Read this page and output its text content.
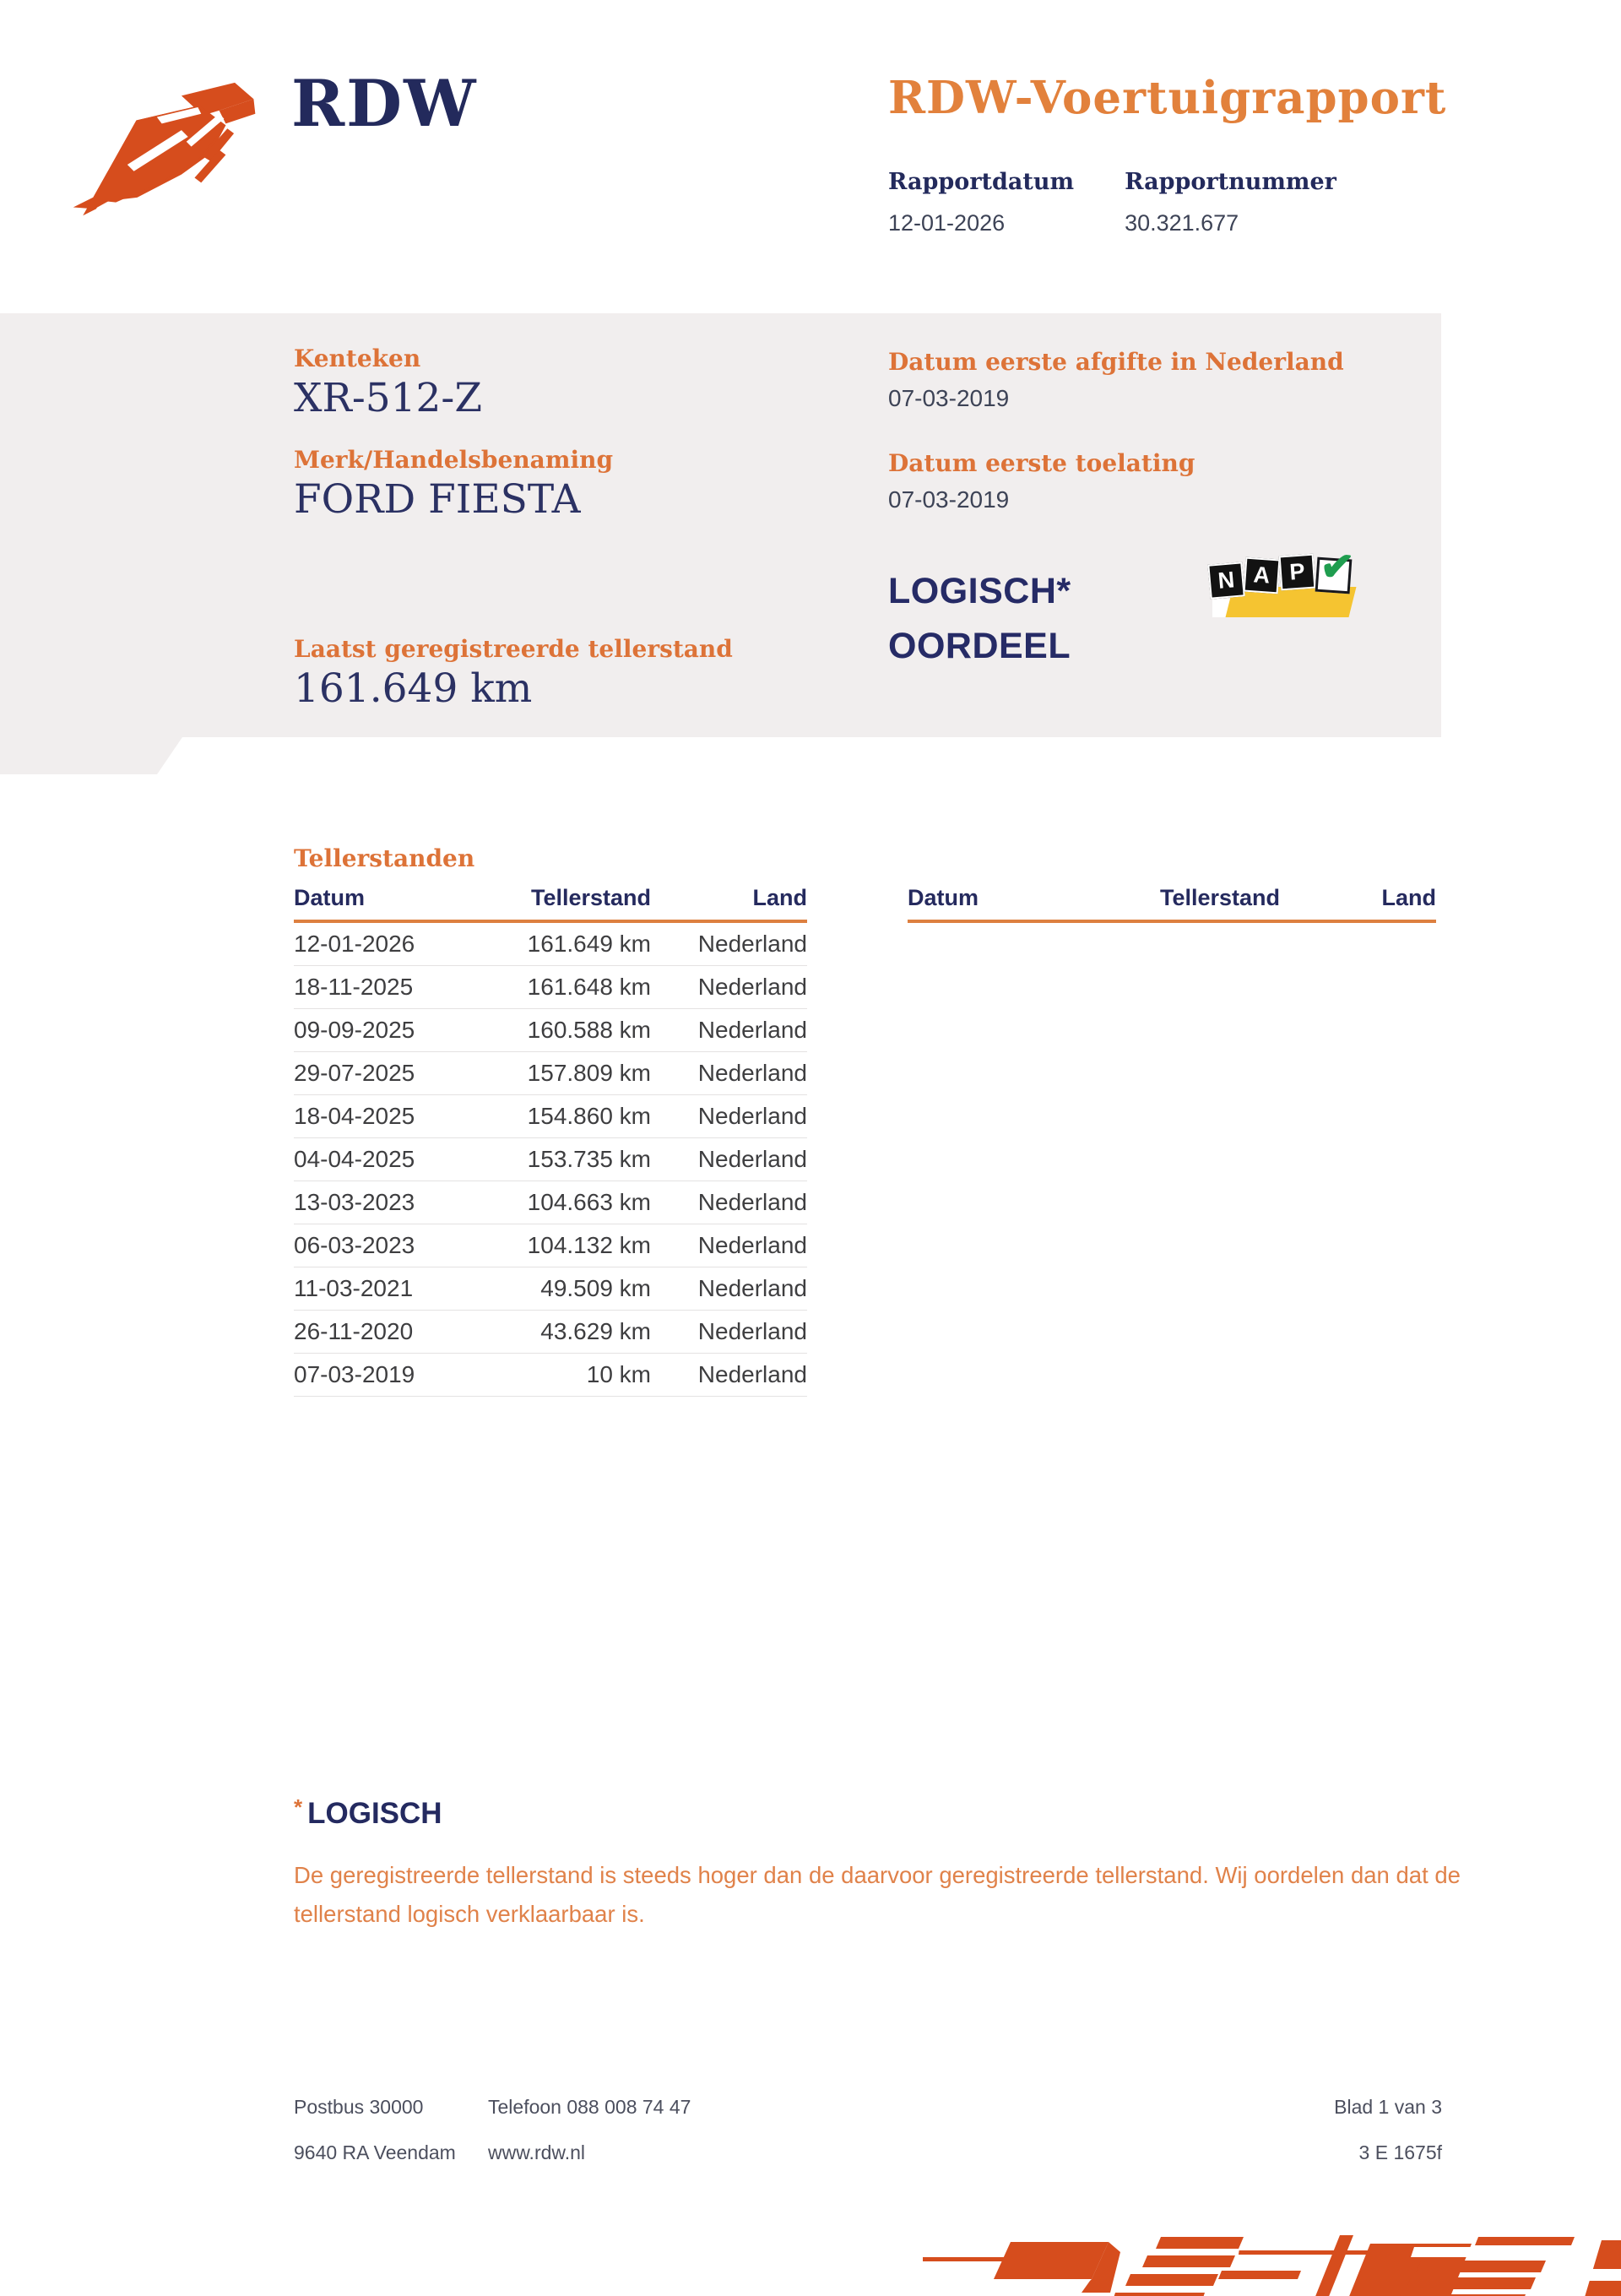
RDW	RDW-Voertuigrapport
Rapportdatum
12-01-2026
Rapportnummer
30.321.677
Kenteken
XR-512-Z
Merk/Handelsbenaming
FORD FIESTA
Laatst geregistreerde tellerstand
161.649 km
Datum eerste afgifte in Nederland
07-03-2019
Datum eerste toelating
07-03-2019
LOGISCH*
OORDEEL
N A P ✔
Tellerstanden
Datum	Tellerstand	Land
12-01-2026	161.649 km	Nederland
18-11-2025	161.648 km	Nederland
09-09-2025	160.588 km	Nederland
29-07-2025	157.809 km	Nederland
18-04-2025	154.860 km	Nederland
04-04-2025	153.735 km	Nederland
13-03-2023	104.663 km	Nederland
06-03-2023	104.132 km	Nederland
11-03-2021	49.509 km	Nederland
26-11-2020	43.629 km	Nederland
07-03-2019	10 km	Nederland
Datum	Tellerstand	Land
* LOGISCH
De geregistreerde tellerstand is steeds hoger dan de daarvoor geregistreerde tellerstand. Wij oordelen dan dat de tellerstand logisch verklaarbaar is.
Postbus 30000
9640 RA Veendam
Telefoon 088 008 74 47
www.rdw.nl
Blad 1 van 3
3 E 1675f
